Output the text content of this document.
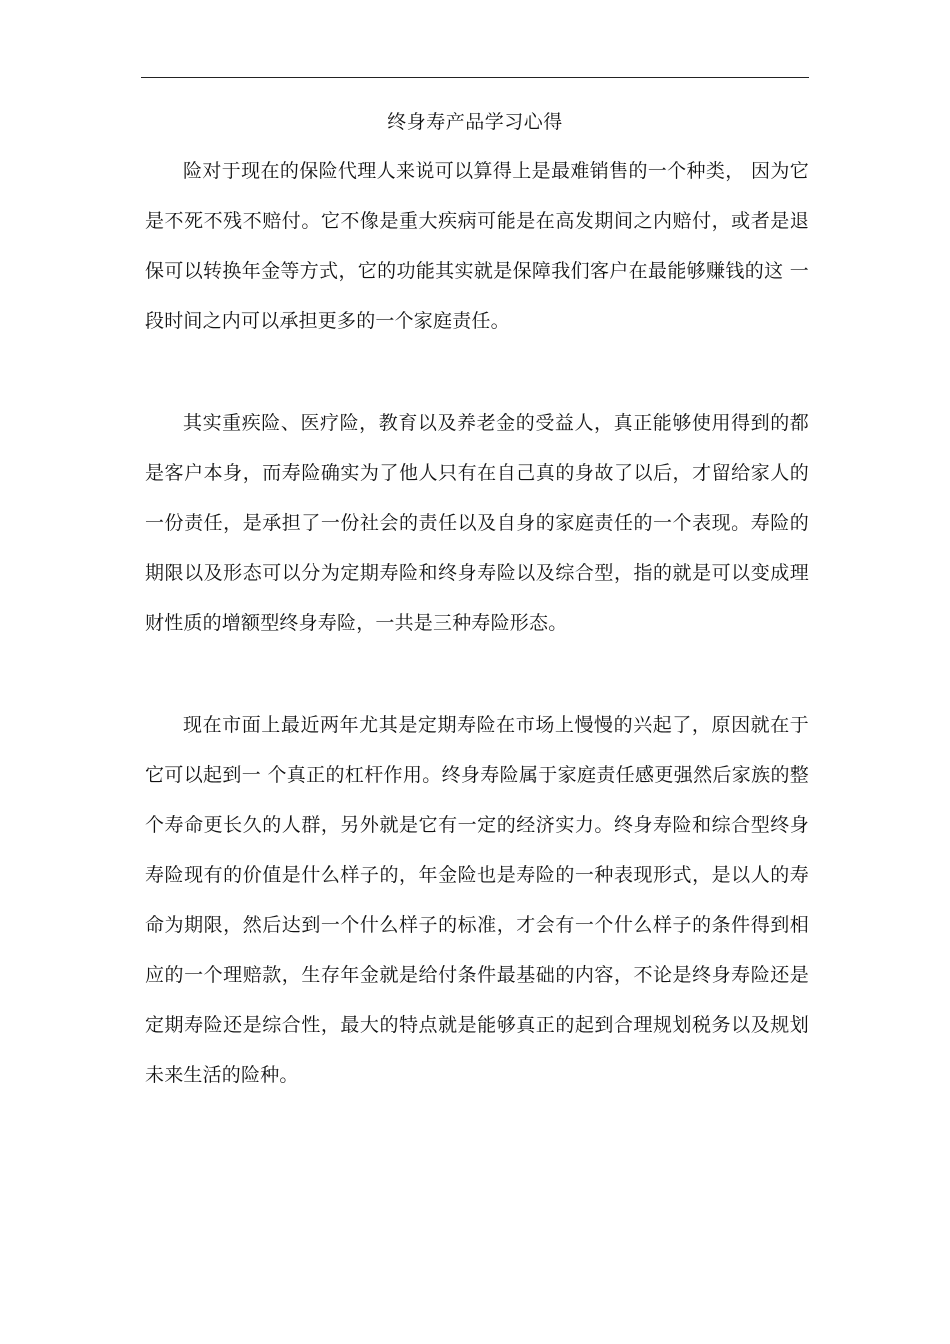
终身寿产品学习心得

险对于现在的保险代理人来说可以算得上是最难销售的一个种类， 因为它是不死不残不赔付。它不像是重大疾病可能是在高发期间之内赔付，或者是退保可以转换年金等方式，它的功能其实就是保障我们客户在最能够赚钱的这 一段时间之内可以承担更多的一个家庭责任。

其实重疾险、医疗险，教育以及养老金的受益人，真正能够使用得到的都是客户本身，而寿险确实为了他人只有在自己真的身故了以后，才留给家人的一份责任，是承担了一份社会的责任以及自身的家庭责任的一个表现。寿险的期限以及形态可以分为定期寿险和终身寿险以及综合型，指的就是可以变成理财性质的增额型终身寿险，一共是三种寿险形态。

现在市面上最近两年尤其是定期寿险在市场上慢慢的兴起了，原因就在于它可以起到一 个真正的杠杆作用。终身寿险属于家庭责任感更强然后家族的整个寿命更长久的人群，另外就是它有一定的经济实力。终身寿险和综合型终身寿险现有的价值是什么样子的，年金险也是寿险的一种表现形式，是以人的寿命为期限，然后达到一个什么样子的标准，才会有一个什么样子的条件得到相应的一个理赔款，生存年金就是给付条件最基础的内容，不论是终身寿险还是定期寿险还是综合性，最大的特点就是能够真正的起到合理规划税务以及规划未来生活的险种。
